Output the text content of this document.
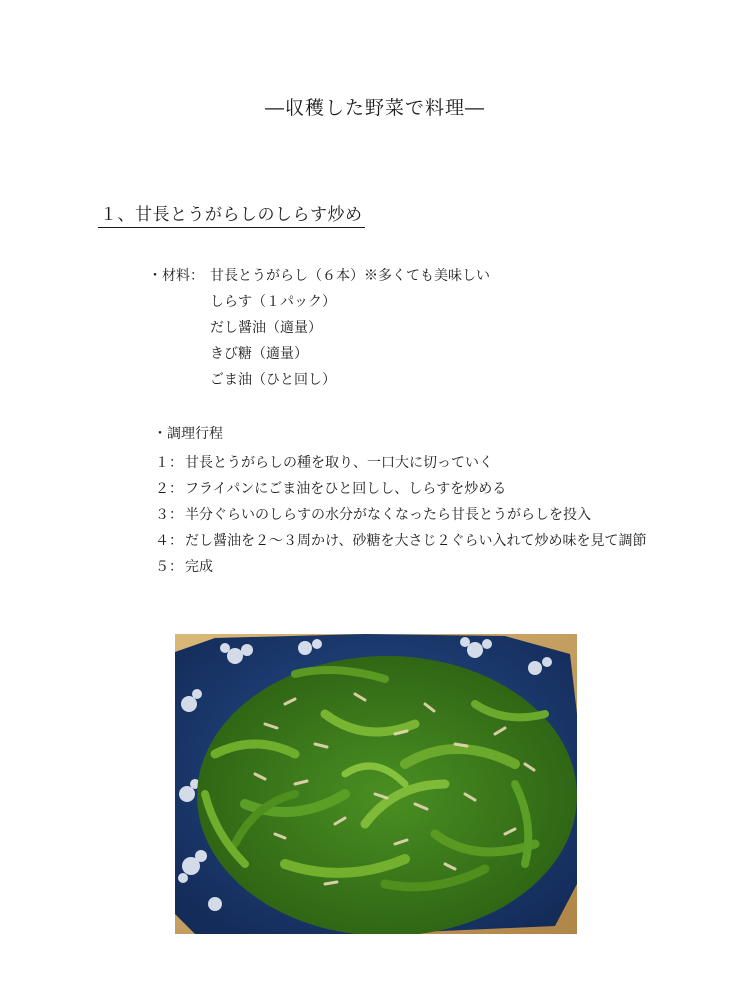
―収穫した野菜で料理―
１、甘長とうがらしのしらす炒め
・材料： 甘長とうがらし（６本）※多くても美味しい
しらす（１パック）
だし醤油（適量）
きび糖（適量）
ごま油（ひと回し）
・調理行程
１： 甘長とうがらしの種を取り、一口大に切っていく
２： フライパンにごま油をひと回しし、しらすを炒める
３： 半分ぐらいのしらすの水分がなくなったら甘長とうがらしを投入
４： だし醤油を２～３周かけ、砂糖を大さじ２ぐらい入れて炒め味を見て調節
５： 完成
